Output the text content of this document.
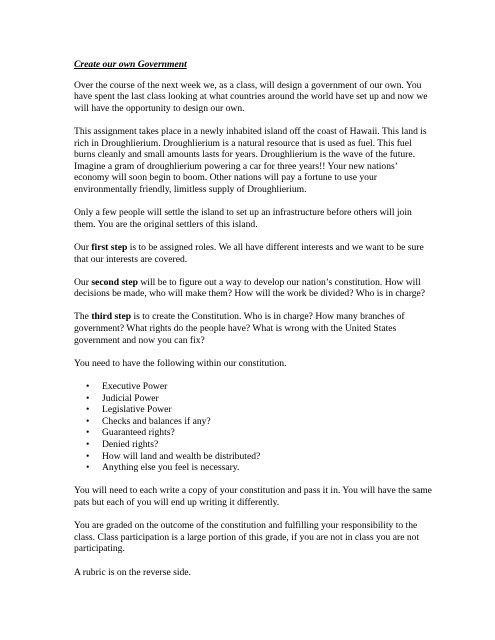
Create our own Government

Over the course of the next week we, as a class, will design a government of our own. You have spent the last class looking at what countries around the world have set up and now we will have the opportunity to design our own.

This assignment takes place in a newly inhabited island off the coast of Hawaii. This land is rich in Droughlierium. Droughlierium is a natural resource that is used as fuel. This fuel burns cleanly and small amounts lasts for years. Droughlierium is the wave of the future. Imagine a gram of droughlierium powering a car for three years!! Your new nations’ economy will soon begin to boom. Other nations will pay a fortune to use your environmentally friendly, limitless supply of Droughlierium.

Only a few people will settle the island to set up an infrastructure before others will join them. You are the original settlers of this island.

Our first step is to be assigned roles. We all have different interests and we want to be sure that our interests are covered.

Our second step will be to figure out a way to develop our nation’s constitution. How will decisions be made, who will make them? How will the work be divided? Who is in charge?

The third step is to create the Constitution. Who is in charge? How many branches of government? What rights do the people have? What is wrong with the United States government and now you can fix?

You need to have the following within our constitution.

• Executive Power
• Judicial Power
• Legislative Power
• Checks and balances if any?
• Guaranteed rights?
• Denied rights?
• How will land and wealth be distributed?
• Anything else you feel is necessary.

You will need to each write a copy of your constitution and pass it in. You will have the same pats but each of you will end up writing it differently.

You are graded on the outcome of the constitution and fulfilling your responsibility to the class. Class participation is a large portion of this grade, if you are not in class you are not participating.

A rubric is on the reverse side.
